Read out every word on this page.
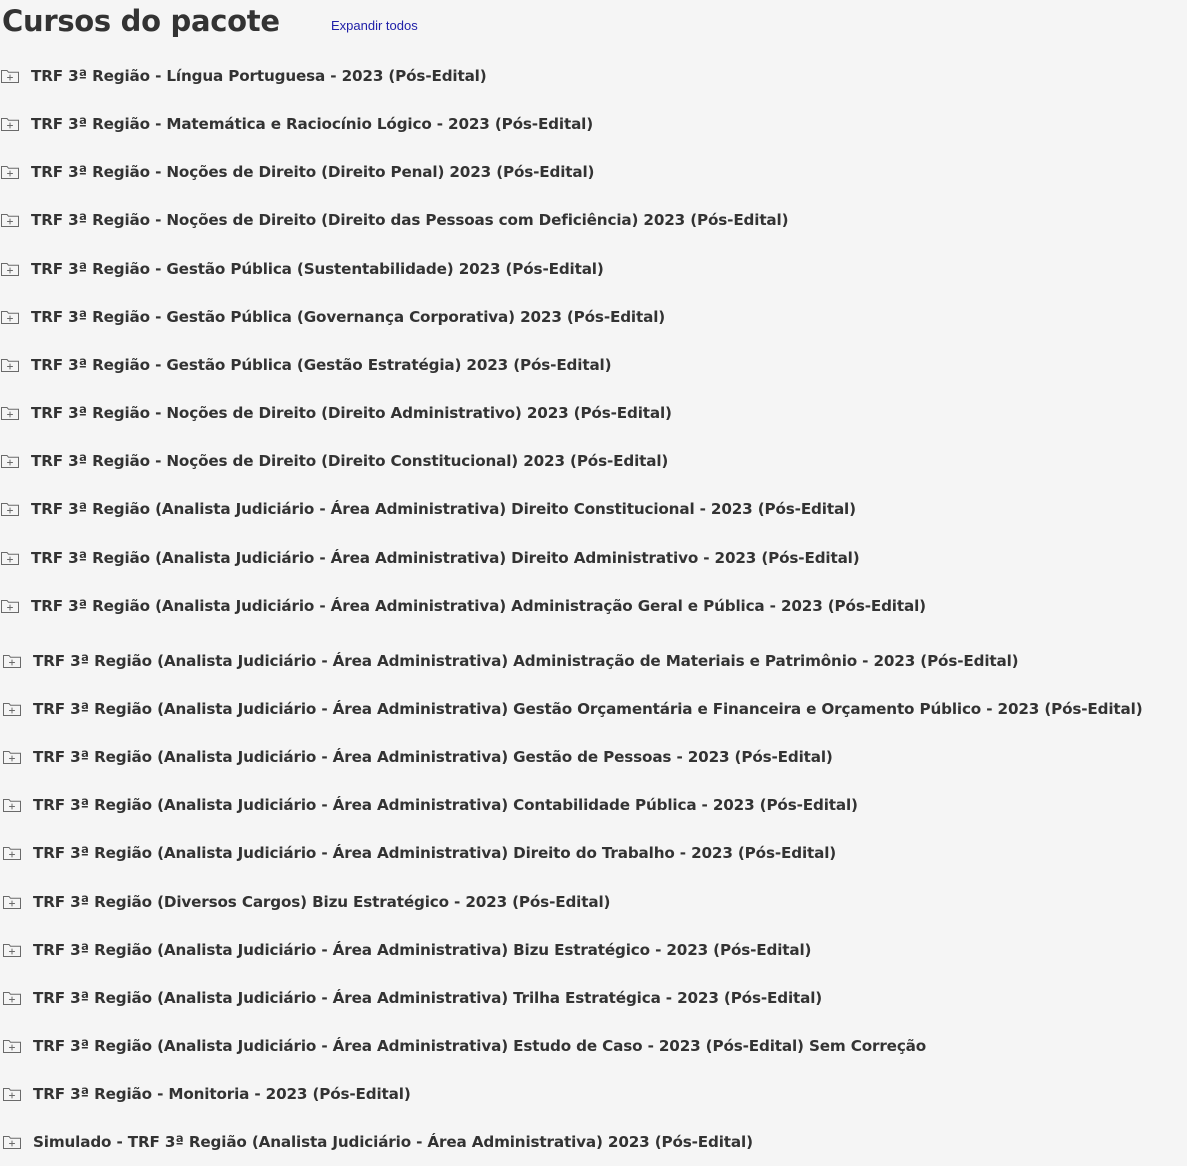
Cursos do pacote	Expandir todos
TRF 3ª Região - Língua Portuguesa - 2023 (Pós-Edital)
TRF 3ª Região - Matemática e Raciocínio Lógico - 2023 (Pós-Edital)
TRF 3ª Região - Noções de Direito (Direito Penal) 2023 (Pós-Edital)
TRF 3ª Região - Noções de Direito (Direito das Pessoas com Deficiência) 2023 (Pós-Edital)
TRF 3ª Região - Gestão Pública (Sustentabilidade) 2023 (Pós-Edital)
TRF 3ª Região - Gestão Pública (Governança Corporativa) 2023 (Pós-Edital)
TRF 3ª Região - Gestão Pública (Gestão Estratégia) 2023 (Pós-Edital)
TRF 3ª Região - Noções de Direito (Direito Administrativo) 2023 (Pós-Edital)
TRF 3ª Região - Noções de Direito (Direito Constitucional) 2023 (Pós-Edital)
TRF 3ª Região (Analista Judiciário - Área Administrativa) Direito Constitucional - 2023 (Pós-Edital)
TRF 3ª Região (Analista Judiciário - Área Administrativa) Direito Administrativo - 2023 (Pós-Edital)
TRF 3ª Região (Analista Judiciário - Área Administrativa) Administração Geral e Pública - 2023 (Pós-Edital)
TRF 3ª Região (Analista Judiciário - Área Administrativa) Administração de Materiais e Patrimônio - 2023 (Pós-Edital)
TRF 3ª Região (Analista Judiciário - Área Administrativa) Gestão Orçamentária e Financeira e Orçamento Público - 2023 (Pós-Edital)
TRF 3ª Região (Analista Judiciário - Área Administrativa) Gestão de Pessoas - 2023 (Pós-Edital)
TRF 3ª Região (Analista Judiciário - Área Administrativa) Contabilidade Pública - 2023 (Pós-Edital)
TRF 3ª Região (Analista Judiciário - Área Administrativa) Direito do Trabalho - 2023 (Pós-Edital)
TRF 3ª Região (Diversos Cargos) Bizu Estratégico - 2023 (Pós-Edital)
TRF 3ª Região (Analista Judiciário - Área Administrativa) Bizu Estratégico - 2023 (Pós-Edital)
TRF 3ª Região (Analista Judiciário - Área Administrativa) Trilha Estratégica - 2023 (Pós-Edital)
TRF 3ª Região (Analista Judiciário - Área Administrativa) Estudo de Caso - 2023 (Pós-Edital) Sem Correção
TRF 3ª Região - Monitoria - 2023 (Pós-Edital)
Simulado - TRF 3ª Região (Analista Judiciário - Área Administrativa) 2023 (Pós-Edital)
